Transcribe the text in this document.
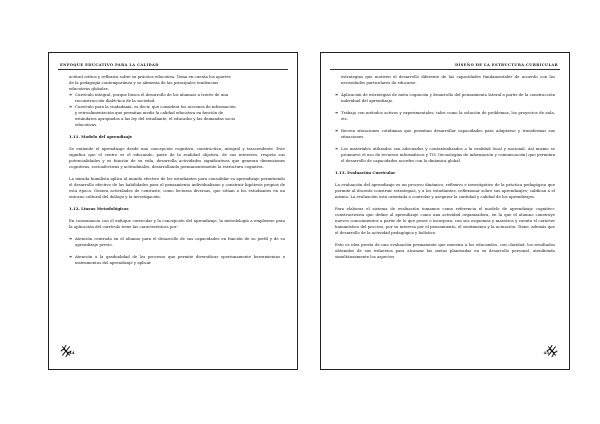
ENFOQUE EDUCATIVO PARA LA CALIDAD

actitud crítica y reflexiva sobre su práctica educativa. Toma en cuenta los aportes

de la pedagogía contemporánea y se alimenta de las principales tendencias

educativas globales.

❧ Currículo integral, porque busca el desarrollo de los alumnos a través de una

reconstrucción dialéctica de la sociedad.

❧ Currículo para la ciudadanía, es decir, que considera los acciones de información

y retroalimentación que permitan medir la calidad educativa en función de

estándares apropiados a las ley del estudiante, el educador y las demandas socio

educativas.

1.11. Modelo del aprendizaje

Se entiende el aprendizaje desde una concepción cognitiva, constructiva, integral y trascendente. Este significa que el centro es el educando, parte de la realidad objetiva, de sus intereses, respeta sus potencialidades y es función de su vida, desarrolla actividades significativas que generan dimensiones cognitivas, socioafectivas y actitudinales, desarrollando permanentemente la estructura cognitiva.

La mirada humilista aplica al mundo efectivo de los estudiantes para consolidar su aprendizaje permitiendo el desarrollo efectivo de las habilidades para el pensamiento individualismo y construir hipótesis propios de esta época. Genera actividades de contraste, como lecturas diversas, que sitúan a los estudiantes en un entorno cultural del diálogo y la investigación.

1.12. Líneas Metodológicas

En consonancia con el enfoque curricular y la concepción del aprendizaje, la metodología a emplearse para la aplicación del currículo tiene las características por:

❧ Atención centrada en el alumno para el desarrollo de sus capacidades en función de su perfil y de su aprendizaje previo.

❧ Atención a la gradualidad de los procesos que permite diversificar oportunamente herramientas e instrumentos del aprendizaje y aplicar

44
DISEÑO DE LA ESTRUCTURA CURRICULAR

estrategias que motiven el desarrollo diferente de las capacidades fundamentales de acuerdo con las necesidades particulares de educarse.

❧ Aplicación de estrategias de meta cognición y desarrollo del pensamiento lateral a partir de la construcción individual del aprendizaje.

❧ Trabajo con métodos activos y experimentales, tales como la solución de problemas, los proyectos de aula, etc.

❧ Recrea situaciones cotidianas que permitan desarrollar capacidades para adaptarse y transformar sus situaciones.

❧ Los materiales utilizados son adecuados y contextualizados a la realidad local y nacional. Así mismo se promueve el uso de recursos informáticos y TIC (tecnologías de información y comunicación) que permitan el desarrollo de capacidades acordes con la dinámica global.

1.13. Evaluación Curricular

La evaluación del aprendizaje es un proceso dinámico, reflexivo e investigativo de la práctica pedagógica que permite al docente construir estrategias, y a los estudiantes, reflexionar sobre sus aprendizajes; califican a el mismo. La evaluación está orientada a controlar y asegurar la cantidad y calidad de los aprendizajes.

Para elaborar el sistema de evaluación tomamos como referencia el modelo de aprendizaje cognitivo-constructivista que define al aprendizaje como una actividad organizadora, en la que el alumno construye nuevos conocimientos a partir de lo que posee o incorpora, con sus esquemas y maestros y cuenta el carácter humanístico del proceso, por su interesa por el pensamiento, el sentimiento y la actuación. Tiene, además que el desarrollo de la actividad pedagógica y holístico.

Esto es idea previa de una evaluación permanente que muestra a los educandos, con claridad, los resultados obtenidos de sus esfuerzos para alcanzar las metas planteadas en su desarrollo personal, atendiendo simultáneamente los aspectos

45
